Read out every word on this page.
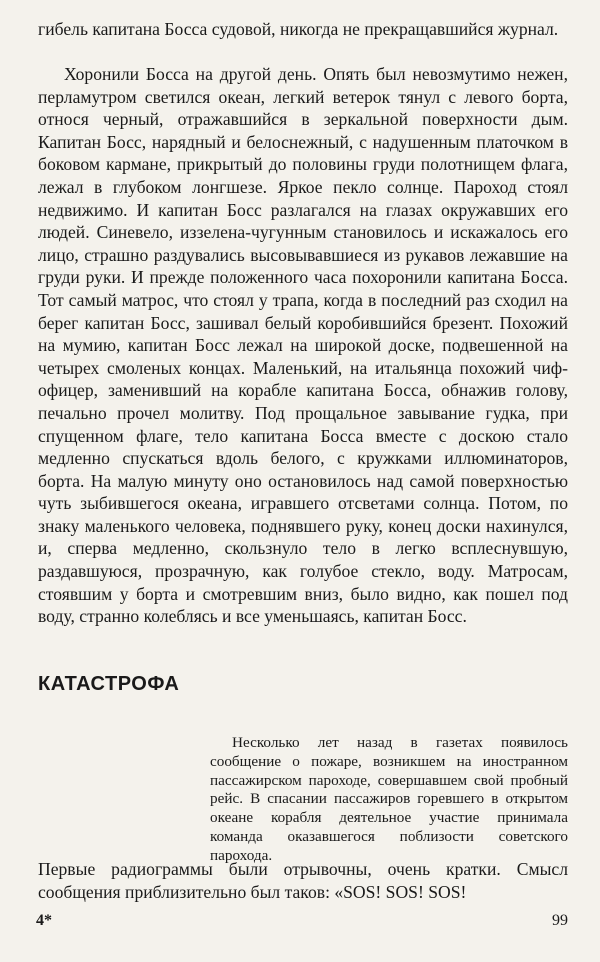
гибель капитана Босса судовой, никогда не прекращавшийся журнал.

Хоронили Босса на другой день. Опять был невозмутимо нежен, перламутром светился океан, легкий ветерок тянул с левого борта, относя черный, отражавшийся в зеркальной поверхности дым. Капитан Босс, нарядный и белоснежный, с надушенным платочком в боковом кармане, прикрытый до половины груди полотнищем флага, лежал в глубоком лонгшезе. Яркое пекло солнце. Пароход стоял недвижимо. И капитан Босс разлагался на глазах окружавших его людей. Синевело, иззелена-чугунным становилось и искажалось его лицо, страшно раздувались высовывавшиеся из рукавов лежавшие на груди руки. И прежде положенного часа похоронили капитана Босса. Тот самый матрос, что стоял у трапа, когда в последний раз сходил на берег капитан Босс, зашивал белый коробившийся брезент. Похожий на мумию, капитан Босс лежал на широкой доске, подвешенной на четырех смоленых концах. Маленький, на итальянца похожий чиф-офицер, заменивший на корабле капитана Босса, обнажив голову, печально прочел молитву. Под прощальное завывание гудка, при спущенном флаге, тело капитана Босса вместе с доскою стало медленно спускаться вдоль белого, с кружками иллюминаторов, борта. На малую минуту оно остановилось над самой поверхностью чуть зыбившегося океана, игравшего отсветами солнца. Потом, по знаку маленького человека, поднявшего руку, конец доски нахинулся, и, сперва медленно, скользнуло тело в легко всплеснувшую, раздавшуюся, прозрачную, как голубое стекло, воду. Матросам, стоявшим у борта и смотревшим вниз, было видно, как пошел под воду, странно колеблясь и все уменьшаясь, капитан Босс.

КАТАСТРОФА

Несколько лет назад в газетах появилось сообщение о пожаре, возникшем на иностранном пассажирском пароходе, совершавшем свой пробный рейс. В спасании пассажиров горевшего в открытом океане корабля деятельное участие принимала команда оказавшегося поблизости советского парохода.

Первые радиограммы были отрывочны, очень кратки. Смысл сообщения приблизительно был таков: «SOS! SOS! SOS!

4*	99
